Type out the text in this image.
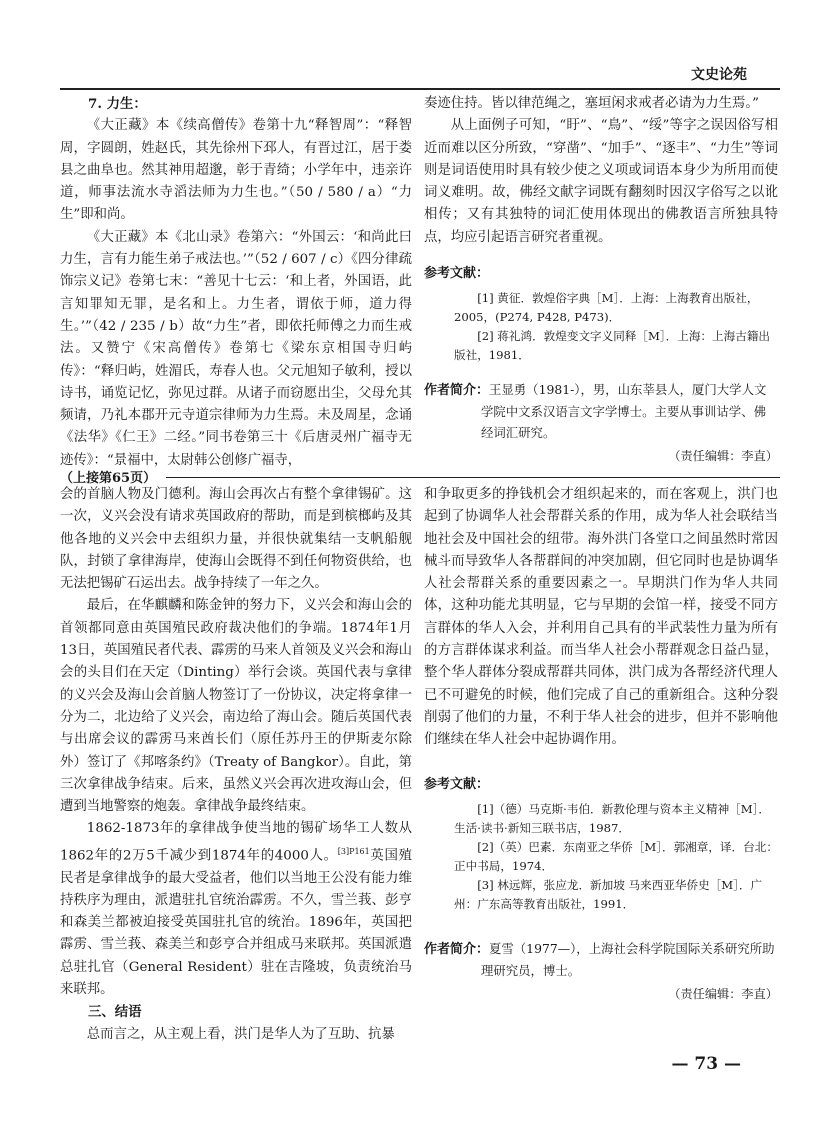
文史论苑
7. 力生：

《大正藏》本《续高僧传》卷第十九“释智周”：“释智周，字圆朗，姓赵氏，其先徐州下邳人，有晋过江，居于娄县之曲阜也。然其神用超邈，彰于青绮；小学年中，违亲许道，师事法流水寺滔法师为力生也。”（50 / 580 / a）“力生”即和尚。

《大正藏》本《北山录》卷第六：“外国云：‘和尚此曰力生，言有力能生弟子戒法也。’”（52 / 607 / c）《四分律疏饰宗义记》卷第七末：“善见十七云：‘和上者，外国语，此言知罪知无罪，是名和上。力生者，谓依于师，道力得生。’”（42 / 235 / b）故“力生”者，即依托师傅之力而生戒法。又赞宁《宋高僧传》卷第七《梁东京相国寺归屿传》：“释归屿，姓湄氏，寿春人也。父元旭知子敏利，授以诗书，诵览记忆，弥见过群。从诸子而窃愿出尘，父母允其频请，乃礼本郡开元寺道宗律师为力生焉。未及周星，念诵《法华》《仁王》二经。”同书卷第三十《后唐灵州广福寺无迹传》：“景福中，太尉韩公创修广福寺，

奏迹住持。皆以律范绳之，塞垣闲求戒者必请为力生焉。”

从上面例子可知，“盱”、“鳥”、“绥”等字之误因俗写相近而难以区分所致，“穿凿”、“加手”、“逐丰”、“力生”等词则是词语使用时具有较少使之义项或词语本身少为所用而使词义难明。故，佛经文献字词既有翻刻时因汉字俗写之以讹相传；又有其独特的词汇使用体现出的佛教语言所独具特点，均应引起语言研究者重视。

参考文献：

[1] 黄征．敦煌俗字典［M］．上海：上海教育出版社，2005，(P274, P428, P473)．

[2] 蒋礼鸿．敦煌变文字义同释［M］．上海：上海古籍出版社，1981．

作者简介：王显勇（1981-），男，山东莘县人，厦门大学人文学院中文系汉语言文字学博士。主要从事训诂学、佛经词汇研究。
（责任编辑：李直）
（上接第65页）

会的首脑人物及门德利。海山会再次占有整个拿律锡矿。这一次，义兴会没有请求英国政府的帮助，而是到槟榔屿及其他各地的义兴会中去组织力量，并很快就集结一支帆船舰队，封锁了拿律海岸，使海山会既得不到任何物资供给，也无法把锡矿石运出去。战争持续了一年之久。

最后，在华麒麟和陈金钟的努力下，义兴会和海山会的首领都同意由英国殖民政府裁决他们的争端。1874年1月13日，英国殖民者代表、霹雳的马来人首领及义兴会和海山会的头目们在天定（Dinting）举行会谈。英国代表与拿律的义兴会及海山会首脑人物签订了一份协议，决定将拿律一分为二，北边给了义兴会，南边给了海山会。随后英国代表与出席会议的霹雳马来酋长们（原任苏丹王的伊斯麦尔除外）签订了《邦喀条约》（Treaty of Bangkor）。自此，第三次拿律战争结束。后来，虽然义兴会再次进攻海山会，但遭到当地警察的炮轰。拿律战争最终结束。

1862-1873年的拿律战争使当地的锡矿场华工人数从1862年的2万5千减少到1874年的4000人。$^{[3]P161}$英国殖民者是拿律战争的最大受益者，他们以当地王公没有能力维持秩序为理由，派遣驻扎官统治霹雳。不久，雪兰莪、彭亨和森美兰都被迫接受英国驻扎官的统治。1896年，英国把霹雳、雪兰莪、森美兰和彭亨合并组成马来联邦。英国派遣总驻扎官（General Resident）驻在吉隆坡，负责统治马来联邦。

三、结语

总而言之，从主观上看，洪门是华人为了互助、抗暴

和争取更多的挣钱机会才组织起来的，而在客观上，洪门也起到了协调华人社会帮群关系的作用，成为华人社会联结当地社会及中国社会的纽带。海外洪门各堂口之间虽然时常因械斗而导致华人各帮群间的冲突加剧，但它同时也是协调华人社会帮群关系的重要因素之一。早期洪门作为华人共同体，这种功能尤其明显，它与早期的会馆一样，接受不同方言群体的华人入会，并利用自己具有的半武装性力量为所有的方言群体谋求利益。而当华人社会小帮群观念日益凸显，整个华人群体分裂成帮群共同体，洪门成为各帮经济代理人已不可避免的时候，他们完成了自己的重新组合。这种分裂削弱了他们的力量，不利于华人社会的进步，但并不影响他们继续在华人社会中起协调作用。

参考文献：

[1]（德）马克斯·韦伯．新教伦理与资本主义精神［M］．生活·读书·新知三联书店，1987．

[2]（英）巴素．东南亚之华侨［M］．郭湘章，译．台北：正中书局，1974．

[3] 林远辉，张应龙．新加坡 马来西亚华侨史［M］．广州：广东高等教育出版社，1991．

作者简介：夏雪（1977—），上海社会科学院国际关系研究所助理研究员，博士。
（责任编辑：李直）
— 73 —
